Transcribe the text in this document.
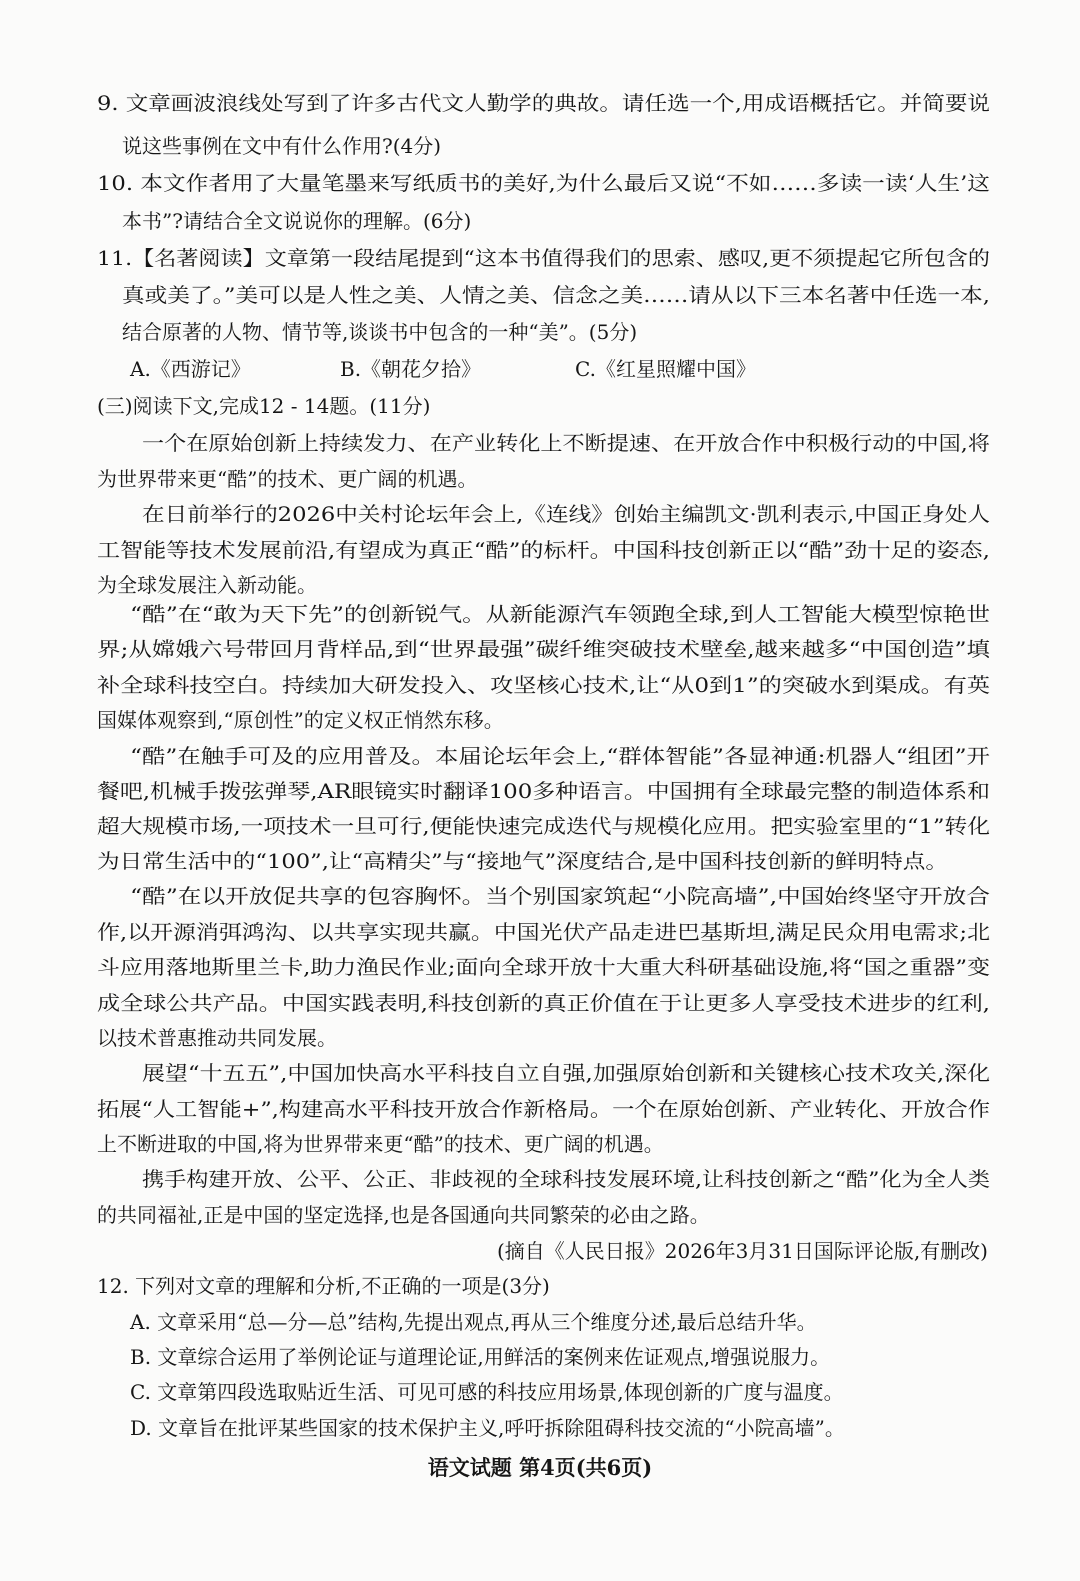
9. 文章画波浪线处写到了许多古代文人勤学的典故。请任选一个,用成语概括它。并简要说
说这些事例在文中有什么作用?(4分)
10. 本文作者用了大量笔墨来写纸质书的美好,为什么最后又说“不如……多读一读‘人生’这
本书”?请结合全文说说你的理解。(6分)
11.【名著阅读】文章第一段结尾提到“这本书值得我们的思索、感叹,更不须提起它所包含的
真或美了。”美可以是人性之美、人情之美、信念之美……请从以下三本名著中任选一本,
结合原著的人物、情节等,谈谈书中包含的一种“美”。(5分)
A.《西游记》	B.《朝花夕拾》	C.《红星照耀中国》
(三)阅读下文,完成12 - 14题。(11分)
一个在原始创新上持续发力、在产业转化上不断提速、在开放合作中积极行动的中国,将
为世界带来更“酷”的技术、更广阔的机遇。
在日前举行的2026中关村论坛年会上,《连线》创始主编凯文·凯利表示,中国正身处人
工智能等技术发展前沿,有望成为真正“酷”的标杆。中国科技创新正以“酷”劲十足的姿态,
为全球发展注入新动能。
“酷”在“敢为天下先”的创新锐气。从新能源汽车领跑全球,到人工智能大模型惊艳世
界;从嫦娥六号带回月背样品,到“世界最强”碳纤维突破技术壁垒,越来越多“中国创造”填
补全球科技空白。持续加大研发投入、攻坚核心技术,让“从0到1”的突破水到渠成。有英
国媒体观察到,“原创性”的定义权正悄然东移。
“酷”在触手可及的应用普及。本届论坛年会上,“群体智能”各显神通:机器人“组团”开
餐吧,机械手拨弦弹琴,AR眼镜实时翻译100多种语言。中国拥有全球最完整的制造体系和
超大规模市场,一项技术一旦可行,便能快速完成迭代与规模化应用。把实验室里的“1”转化
为日常生活中的“100”,让“高精尖”与“接地气”深度结合,是中国科技创新的鲜明特点。
“酷”在以开放促共享的包容胸怀。当个别国家筑起“小院高墙”,中国始终坚守开放合
作,以开源消弭鸿沟、以共享实现共赢。中国光伏产品走进巴基斯坦,满足民众用电需求;北
斗应用落地斯里兰卡,助力渔民作业;面向全球开放十大重大科研基础设施,将“国之重器”变
成全球公共产品。中国实践表明,科技创新的真正价值在于让更多人享受技术进步的红利,
以技术普惠推动共同发展。
展望“十五五”,中国加快高水平科技自立自强,加强原始创新和关键核心技术攻关,深化
拓展“人工智能+”,构建高水平科技开放合作新格局。一个在原始创新、产业转化、开放合作
上不断进取的中国,将为世界带来更“酷”的技术、更广阔的机遇。
携手构建开放、公平、公正、非歧视的全球科技发展环境,让科技创新之“酷”化为全人类
的共同福祉,正是中国的坚定选择,也是各国通向共同繁荣的必由之路。
(摘自《人民日报》2026年3月31日国际评论版,有删改)
12. 下列对文章的理解和分析,不正确的一项是(3分)
A. 文章采用“总—分—总”结构,先提出观点,再从三个维度分述,最后总结升华。
B. 文章综合运用了举例论证与道理论证,用鲜活的案例来佐证观点,增强说服力。
C. 文章第四段选取贴近生活、可见可感的科技应用场景,体现创新的广度与温度。
D. 文章旨在批评某些国家的技术保护主义,呼吁拆除阻碍科技交流的“小院高墙”。
语文试题 第4页(共6页)
